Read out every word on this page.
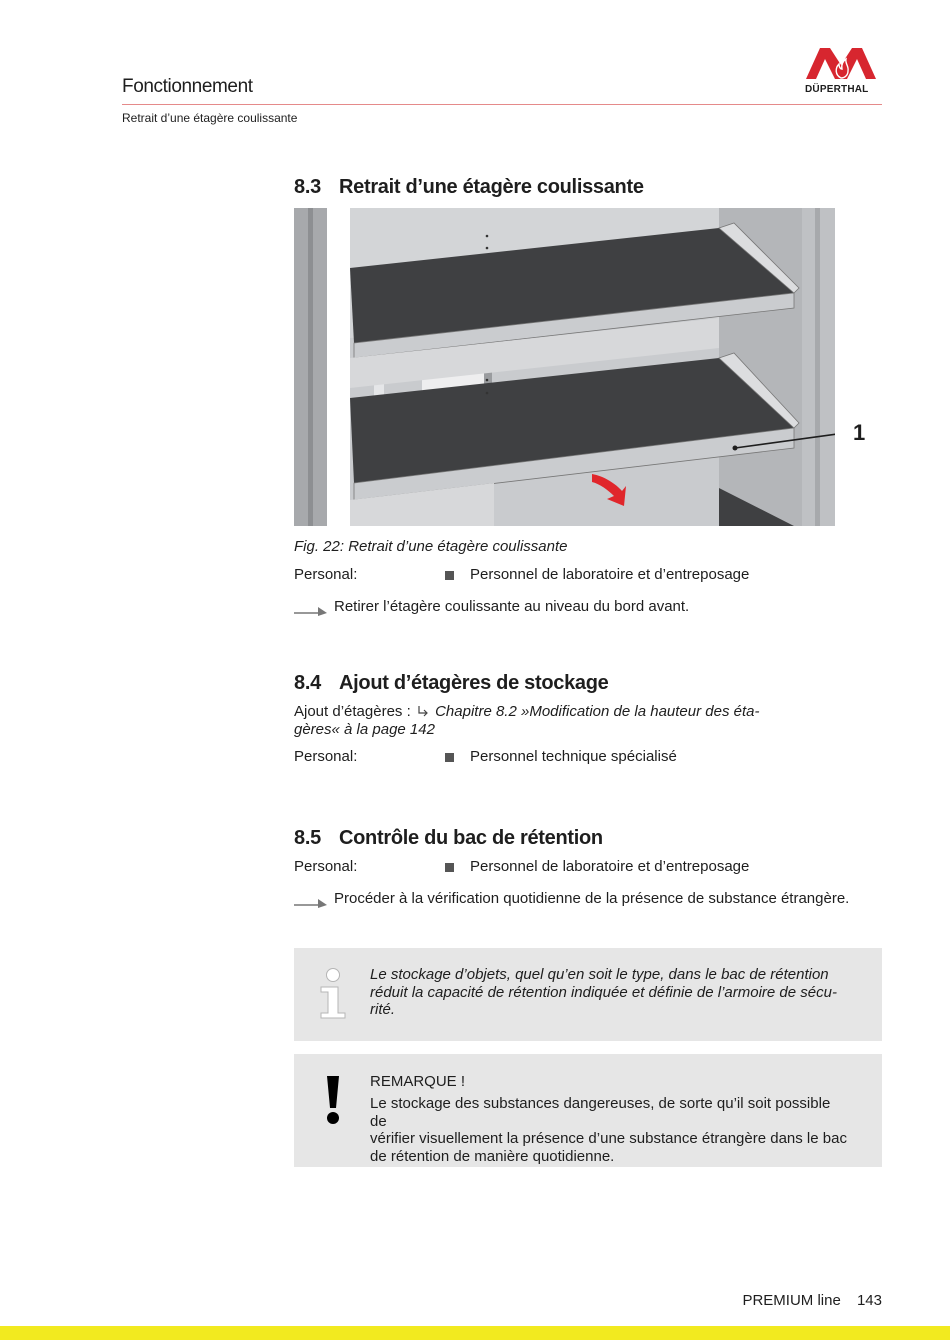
Fonctionnement
Retrait d’une étagère coulissante
DÜPERTHAL
8.3 Retrait d’une étagère coulissante
1
Fig. 22: Retrait d’une étagère coulissante
Personal:	Personnel de laboratoire et d’entreposage
Retirer l’étagère coulissante au niveau du bord avant.
8.4 Ajout d’étagères de stockage
Ajout d’étagères : Chapitre 8.2 »Modification de la hauteur des éta-
gères« à la page 142
Personal:	Personnel technique spécialisé
8.5 Contrôle du bac de rétention
Personal:	Personnel de laboratoire et d’entreposage
Procéder à la vérification quotidienne de la présence de substance étrangère.
Le stockage d’objets, quel qu’en soit le type, dans le bac de rétention
réduit la capacité de rétention indiquée et définie de l’armoire de sécu-
rité.
REMARQUE !
Le stockage des substances dangereuses, de sorte qu’il soit possible de
vérifier visuellement la présence d’une substance étrangère dans le bac
de rétention de manière quotidienne.
PREMIUM line 143
